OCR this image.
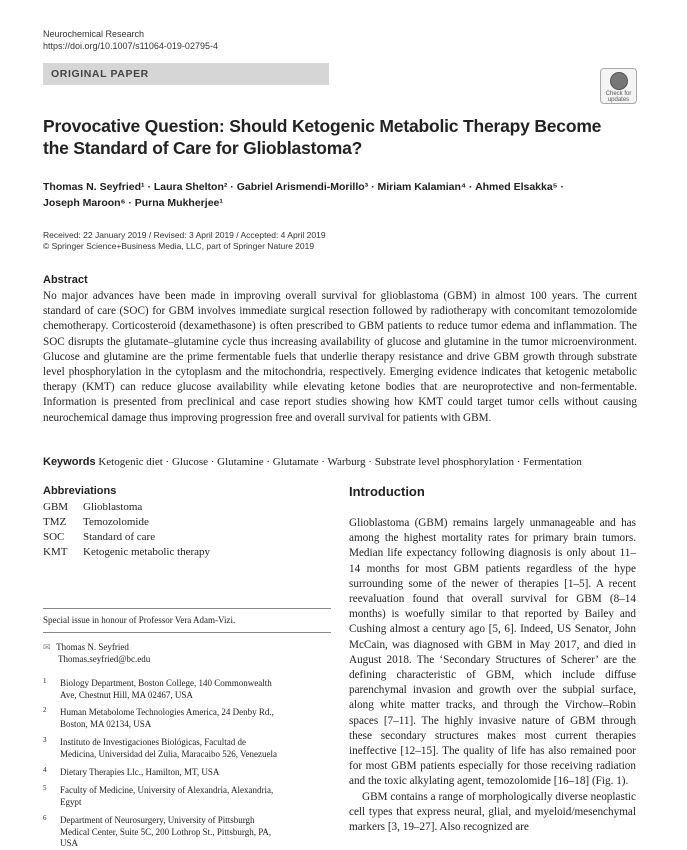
Neurochemical Research
https://doi.org/10.1007/s11064-019-02795-4
ORIGINAL PAPER
Check for
updates
Provocative Question: Should Ketogenic Metabolic Therapy Become the Standard of Care for Glioblastoma?
Thomas N. Seyfried¹ · Laura Shelton² · Gabriel Arismendi-Morillo³ · Miriam Kalamian⁴ · Ahmed Elsakka⁵ ·
Joseph Maroon⁶ · Purna Mukherjee¹
Received: 22 January 2019 / Revised: 3 April 2019 / Accepted: 4 April 2019
© Springer Science+Business Media, LLC, part of Springer Nature 2019
Abstract
No major advances have been made in improving overall survival for glioblastoma (GBM) in almost 100 years. The current standard of care (SOC) for GBM involves immediate surgical resection followed by radiotherapy with concomitant temozolomide chemotherapy. Corticosteroid (dexamethasone) is often prescribed to GBM patients to reduce tumor edema and inflammation. The SOC disrupts the glutamate–glutamine cycle thus increasing availability of glucose and glutamine in the tumor microenvironment. Glucose and glutamine are the prime fermentable fuels that underlie therapy resistance and drive GBM growth through substrate level phosphorylation in the cytoplasm and the mitochondria, respectively. Emerging evidence indicates that ketogenic metabolic therapy (KMT) can reduce glucose availability while elevating ketone bodies that are neuroprotective and non-fermentable. Information is presented from preclinical and case report studies showing how KMT could target tumor cells without causing neurochemical damage thus improving progression free and overall survival for patients with GBM.
Keywords Ketogenic diet · Glucose · Glutamine · Glutamate · Warburg · Substrate level phosphorylation · Fermentation
Abbreviations
GBM Glioblastoma
TMZ Temozolomide
SOC Standard of care
KMT Ketogenic metabolic therapy
Special issue in honour of Professor Vera Adam-Vizi.
✉ Thomas N. Seyfried
Thomas.seyfried@bc.edu
1 Biology Department, Boston College, 140 Commonwealth
Ave, Chestnut Hill, MA 02467, USA
2 Human Metabolome Technologies America, 24 Denby Rd.,
Boston, MA 02134, USA
3 Instituto de Investigaciones Biológicas, Facultad de
Medicina, Universidad del Zulia, Maracaibo 526, Venezuela
4 Dietary Therapies Llc., Hamilton, MT, USA
5 Faculty of Medicine, University of Alexandria, Alexandria,
Egypt
6 Department of Neurosurgery, University of Pittsburgh
Medical Center, Suite 5C, 200 Lothrop St., Pittsburgh, PA,
USA
Introduction

Glioblastoma (GBM) remains largely unmanageable and has among the highest mortality rates for primary brain tumors. Median life expectancy following diagnosis is only about 11–14 months for most GBM patients regardless of the hype surrounding some of the newer of therapies [1–5]. A recent reevaluation found that overall survival for GBM (8–14 months) is woefully similar to that reported by Bailey and Cushing almost a century ago [5, 6]. Indeed, US Senator, John McCain, was diagnosed with GBM in May 2017, and died in August 2018. The ‘Secondary Structures of Scherer’ are the defining characteristic of GBM, which include diffuse parenchymal invasion and growth over the subpial surface, along white matter tracks, and through the Virchow–Robin spaces [7–11]. The highly invasive nature of GBM through these secondary structures makes most current therapies ineffective [12–15]. The quality of life has also remained poor for most GBM patients especially for those receiving radiation and the toxic alkylating agent, temozolomide [16–18] (Fig. 1).

GBM contains a range of morphologically diverse neoplastic cell types that express neural, glial, and myeloid/mesenchymal markers [3, 19–27]. Also recognized are
